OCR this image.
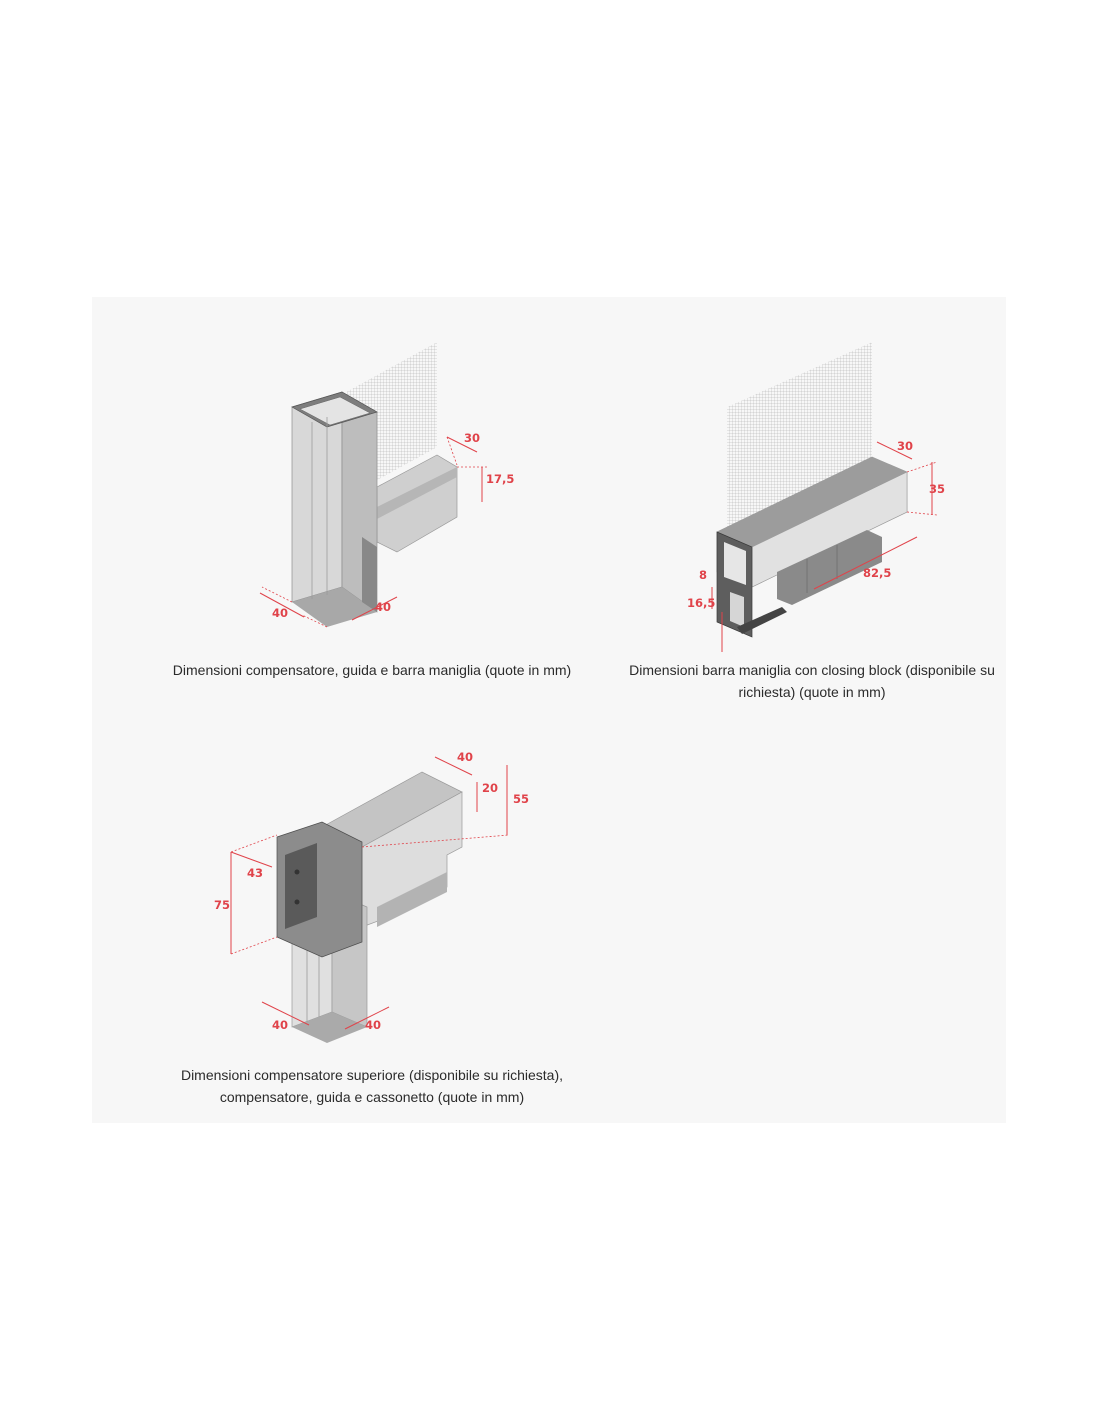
40	40
30
17,5
Dimensioni compensatore, guida e barra maniglia (quote in mm)
30
35
82,5
8
16,5
Dimensioni barra maniglia con closing block (disponibile su richiesta) (quote in mm)
40
20
55
43
75
40	40
Dimensioni compensatore superiore (disponibile su richiesta), compensatore, guida e cassonetto (quote in mm)
